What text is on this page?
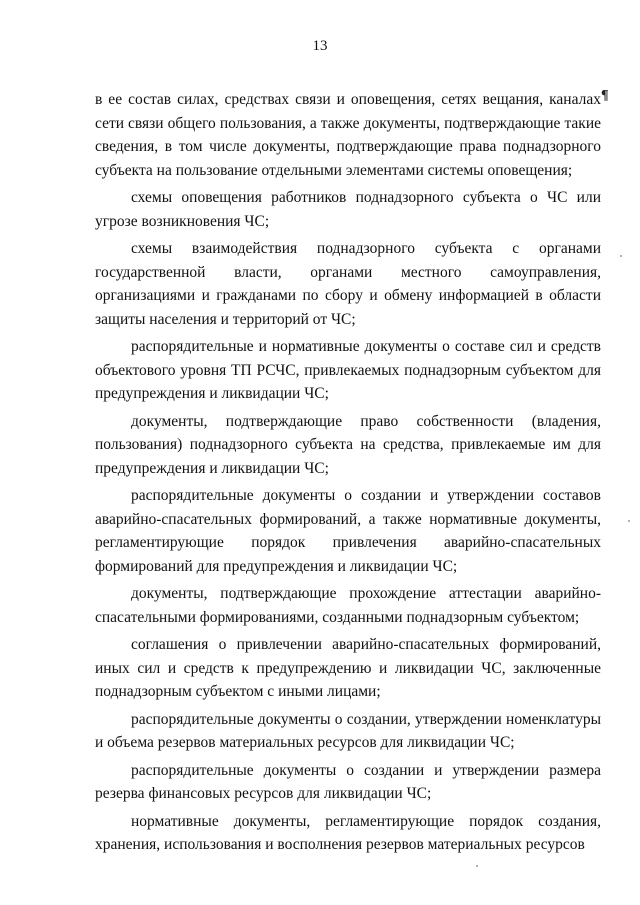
13
¶

в ее состав силах, средствах связи и оповещения, сетях вещания, каналах сети связи общего пользования, а также документы, подтверждающие такие сведения, в том числе документы, подтверждающие права поднадзорного субъекта на пользование отдельными элементами системы оповещения;

схемы оповещения работников поднадзорного субъекта о ЧС или угрозе возникновения ЧС;

схемы взаимодействия поднадзорного субъекта с органами государственной власти, органами местного самоуправления, организациями и гражданами по сбору и обмену информацией в области защиты населения и территорий от ЧС;

распорядительные и нормативные документы о составе сил и средств объектового уровня ТП РСЧС, привлекаемых поднадзорным субъектом для предупреждения и ликвидации ЧС;

документы, подтверждающие право собственности (владения, пользования) поднадзорного субъекта на средства, привлекаемые им для предупреждения и ликвидации ЧС;

распорядительные документы о создании и утверждении составов аварийно-спасательных формирований, а также нормативные документы, регламентирующие порядок привлечения аварийно-спасательных формирований для предупреждения и ликвидации ЧС;

документы, подтверждающие прохождение аттестации аварийно-спасательными формированиями, созданными поднадзорным субъектом;

соглашения о привлечении аварийно-спасательных формирований, иных сил и средств к предупреждению и ликвидации ЧС, заключенные поднадзорным субъектом с иными лицами;

распорядительные документы о создании, утверждении номенклатуры и объема резервов материальных ресурсов для ликвидации ЧС;

распорядительные документы о создании и утверждении размера резерва финансовых ресурсов для ликвидации ЧС;

нормативные документы, регламентирующие порядок создания, хранения, использования и восполнения резервов материальных ресурсов
